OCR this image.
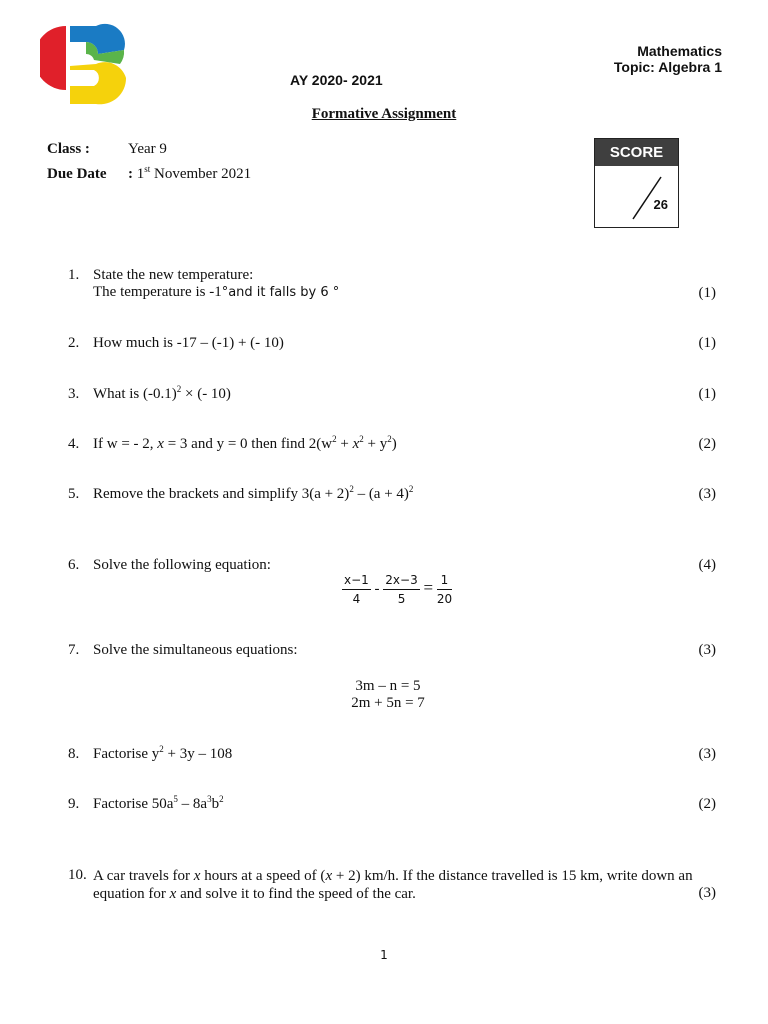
Mathematics
Topic: Algebra 1
AY 2020- 2021
Formative Assignment
Class :	Year 9
Due Date : 1st November 2021
SCORE
26
1. State the new temperature:
The temperature is -1°and it falls by 6 °	(1)
2. How much is -17 – (-1) + (- 10)	(1)
3. What is $(-0.1)^2$ × (- 10)	(1)
4. If w = - 2, x = 3 and y = 0 then find $2(w^2 + x^2 + y^2)$	(2)
5. Remove the brackets and simplify $3(a + 2)^2 - (a + 4)^2$	(3)
6. Solve the following equation:	(4)
$\frac{x-1}{4} - \frac{2x-3}{5} = \frac{1}{20}$
7. Solve the simultaneous equations:	(3)
3m – n = 5
2m + 5n = 7
8. Factorise $y^2 + 3y - 108$	(3)
9. Factorise $50a^5 - 8a^3b^2$	(2)
10. A car travels for x hours at a speed of (x + 2) km/h. If the distance travelled is 15 km, write down an
equation for x and solve it to find the speed of the car.	(3)
1
